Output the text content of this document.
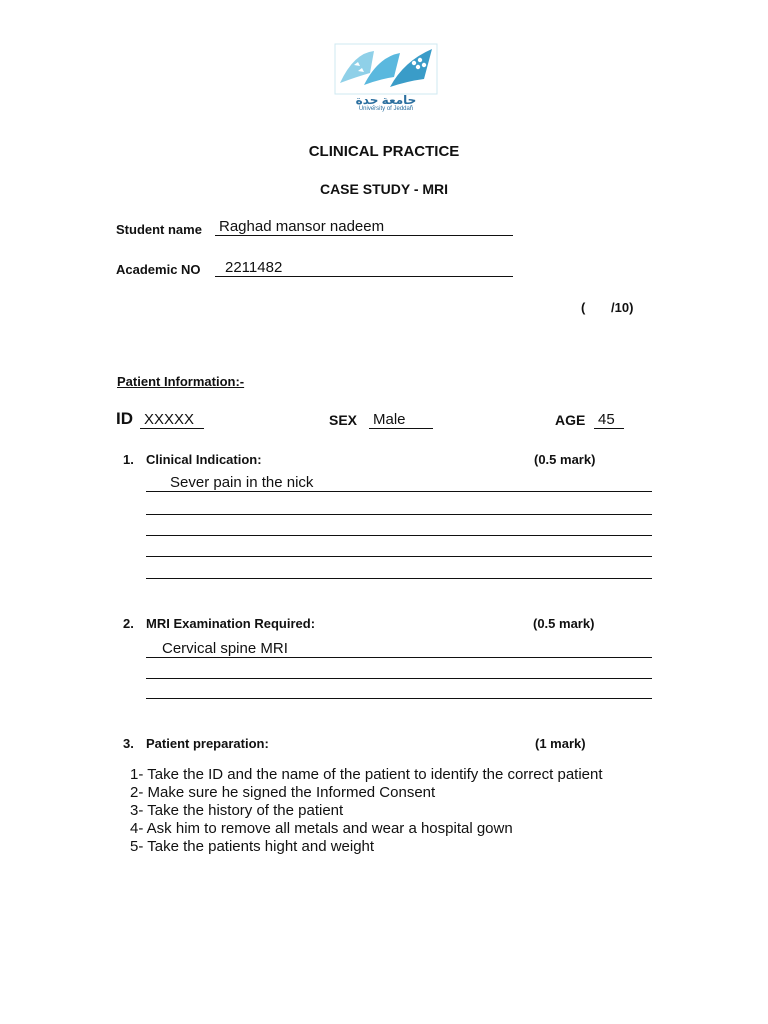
جامعة جدة
University of Jeddah
CLINICAL PRACTICE
CASE STUDY - MRI
Student name Raghad mansor nadeem
Academic NO	2211482
( /10)
Patient Information:-
ID XXXXX	SEX Male	AGE 45
1. Clinical Indication:	(0.5 mark)
Sever pain in the nick
2. MRI Examination Required:	(0.5 mark)
Cervical spine MRI
3. Patient preparation:	(1 mark)
1- Take the ID and the name of the patient to identify the correct patient
2- Make sure he signed the Informed Consent
3- Take the history of the patient
4- Ask him to remove all metals and wear a hospital gown
5- Take the patients hight and weight
